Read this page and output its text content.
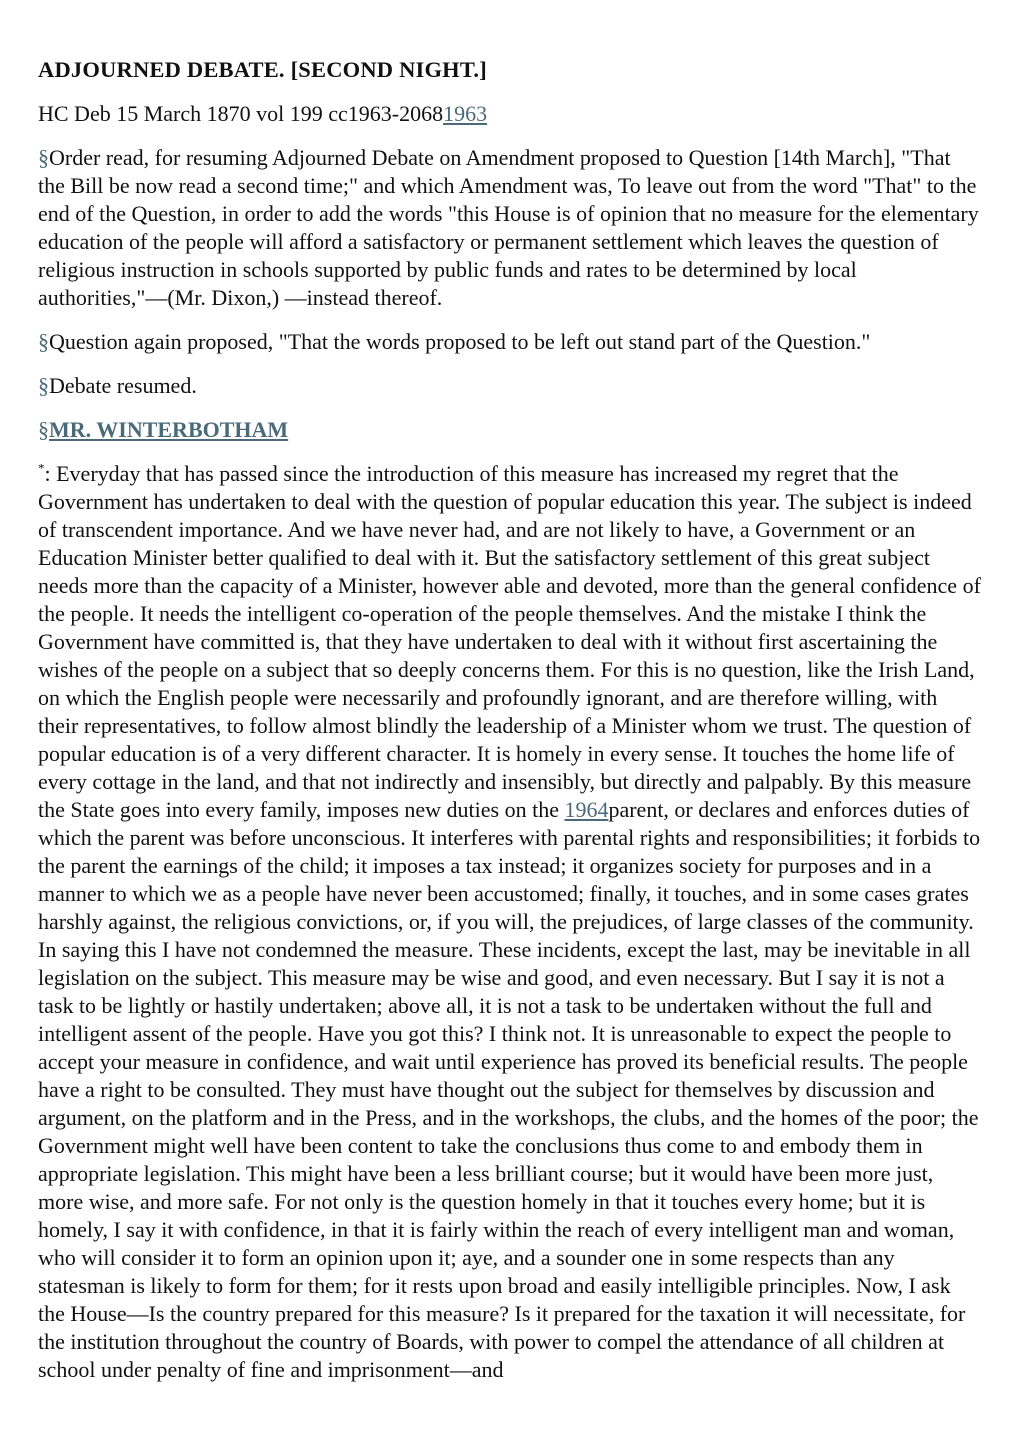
ADJOURNED DEBATE. [SECOND NIGHT.]

HC Deb 15 March 1870 vol 199 cc1963-20681963

§Order read, for resuming Adjourned Debate on Amendment proposed to Question [14th March], "That the Bill be now read a second time;" and which Amendment was, To leave out from the word "That" to the end of the Question, in order to add the words "this House is of opinion that no measure for the elementary education of the people will afford a satisfactory or permanent settlement which leaves the question of religious instruction in schools supported by public funds and rates to be determined by local authorities,"—(Mr. Dixon,) —instead thereof.

§Question again proposed, "That the words proposed to be left out stand part of the Question."

§Debate resumed.

§MR. WINTERBOTHAM

*: Everyday that has passed since the introduction of this measure has increased my regret that the Government has undertaken to deal with the question of popular education this year. The subject is indeed of transcendent importance. And we have never had, and are not likely to have, a Government or an Education Minister better qualified to deal with it. But the satisfactory settlement of this great subject needs more than the capacity of a Minister, however able and devoted, more than the general confidence of the people. It needs the intelligent co-operation of the people themselves. And the mistake I think the Government have committed is, that they have undertaken to deal with it without first ascertaining the wishes of the people on a subject that so deeply concerns them. For this is no question, like the Irish Land, on which the English people were necessarily and profoundly ignorant, and are therefore willing, with their representatives, to follow almost blindly the leadership of a Minister whom we trust. The question of popular education is of a very different character. It is homely in every sense. It touches the home life of every cottage in the land, and that not indirectly and insensibly, but directly and palpably. By this measure the State goes into every family, imposes new duties on the 1964parent, or declares and enforces duties of which the parent was before unconscious. It interferes with parental rights and responsibilities; it forbids to the parent the earnings of the child; it imposes a tax instead; it organizes society for purposes and in a manner to which we as a people have never been accustomed; finally, it touches, and in some cases grates harshly against, the religious convictions, or, if you will, the prejudices, of large classes of the community. In saying this I have not condemned the measure. These incidents, except the last, may be inevitable in all legislation on the subject. This measure may be wise and good, and even necessary. But I say it is not a task to be lightly or hastily undertaken; above all, it is not a task to be undertaken without the full and intelligent assent of the people. Have you got this? I think not. It is unreasonable to expect the people to accept your measure in confidence, and wait until experience has proved its beneficial results. The people have a right to be consulted. They must have thought out the subject for themselves by discussion and argument, on the platform and in the Press, and in the workshops, the clubs, and the homes of the poor; the Government might well have been content to take the conclusions thus come to and embody them in appropriate legislation. This might have been a less brilliant course; but it would have been more just, more wise, and more safe. For not only is the question homely in that it touches every home; but it is homely, I say it with confidence, in that it is fairly within the reach of every intelligent man and woman, who will consider it to form an opinion upon it; aye, and a sounder one in some respects than any statesman is likely to form for them; for it rests upon broad and easily intelligible principles. Now, I ask the House—Is the country prepared for this measure? Is it prepared for the taxation it will necessitate, for the institution throughout the country of Boards, with power to compel the attendance of all children at school under penalty of fine and imprisonment—and
